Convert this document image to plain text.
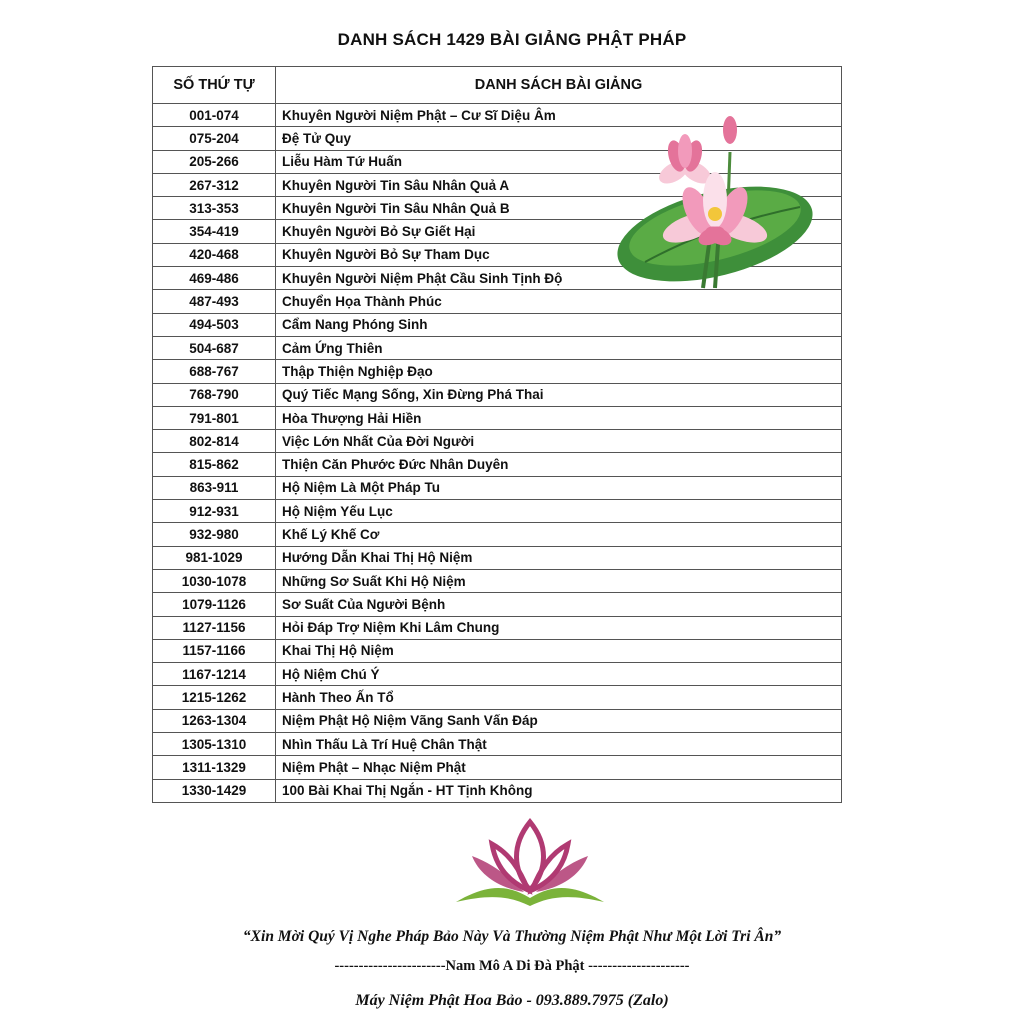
DANH SÁCH 1429 BÀI GIẢNG PHẬT PHÁP
SỐ THỨ TỰ	DANH SÁCH BÀI GIẢNG
001-074	Khuyên Người Niệm Phật – Cư Sĩ Diệu Âm
075-204	Đệ Tử Quy
205-266	Liễu Hàm Tứ Huấn
267-312	Khuyên Người Tin Sâu Nhân Quả A
313-353	Khuyên Người Tin Sâu Nhân Quả B
354-419	Khuyên Người Bỏ Sự Giết Hại
420-468	Khuyên Người Bỏ Sự Tham Dục
469-486	Khuyên Người Niệm Phật Cầu Sinh Tịnh Độ
487-493	Chuyển Họa Thành Phúc
494-503	Cẩm Nang Phóng Sinh
504-687	Cảm Ứng Thiên
688-767	Thập Thiện Nghiệp Đạo
768-790	Quý Tiếc Mạng Sống, Xin Đừng Phá Thai
791-801	Hòa Thượng Hải Hiền
802-814	Việc Lớn Nhất Của Đời Người
815-862	Thiện Căn Phước Đức Nhân Duyên
863-911	Hộ Niệm Là Một Pháp Tu
912-931	Hộ Niệm Yếu Lục
932-980	Khế Lý Khế Cơ
981-1029	Hướng Dẫn Khai Thị Hộ Niệm
1030-1078	Những Sơ Suất Khi Hộ Niệm
1079-1126	Sơ Suất Của Người Bệnh
1127-1156	Hỏi Đáp Trợ Niệm Khi Lâm Chung
1157-1166	Khai Thị Hộ Niệm
1167-1214	Hộ Niệm Chú Ý
1215-1262	Hành Theo Ấn Tổ
1263-1304	Niệm Phật Hộ Niệm Vãng Sanh Vấn Đáp
1305-1310	Nhìn Thấu Là Trí Huệ Chân Thật
1311-1329	Niệm Phật – Nhạc Niệm Phật
1330-1429	100 Bài Khai Thị Ngắn - HT Tịnh Không
“Xin Mời Quý Vị Nghe Pháp Bảo Này Và Thường Niệm Phật Như Một Lời Tri Ân”
-----------------------Nam Mô A Di Đà Phật ---------------------
Máy Niệm Phật Hoa Bảo - 093.889.7975 (Zalo)
